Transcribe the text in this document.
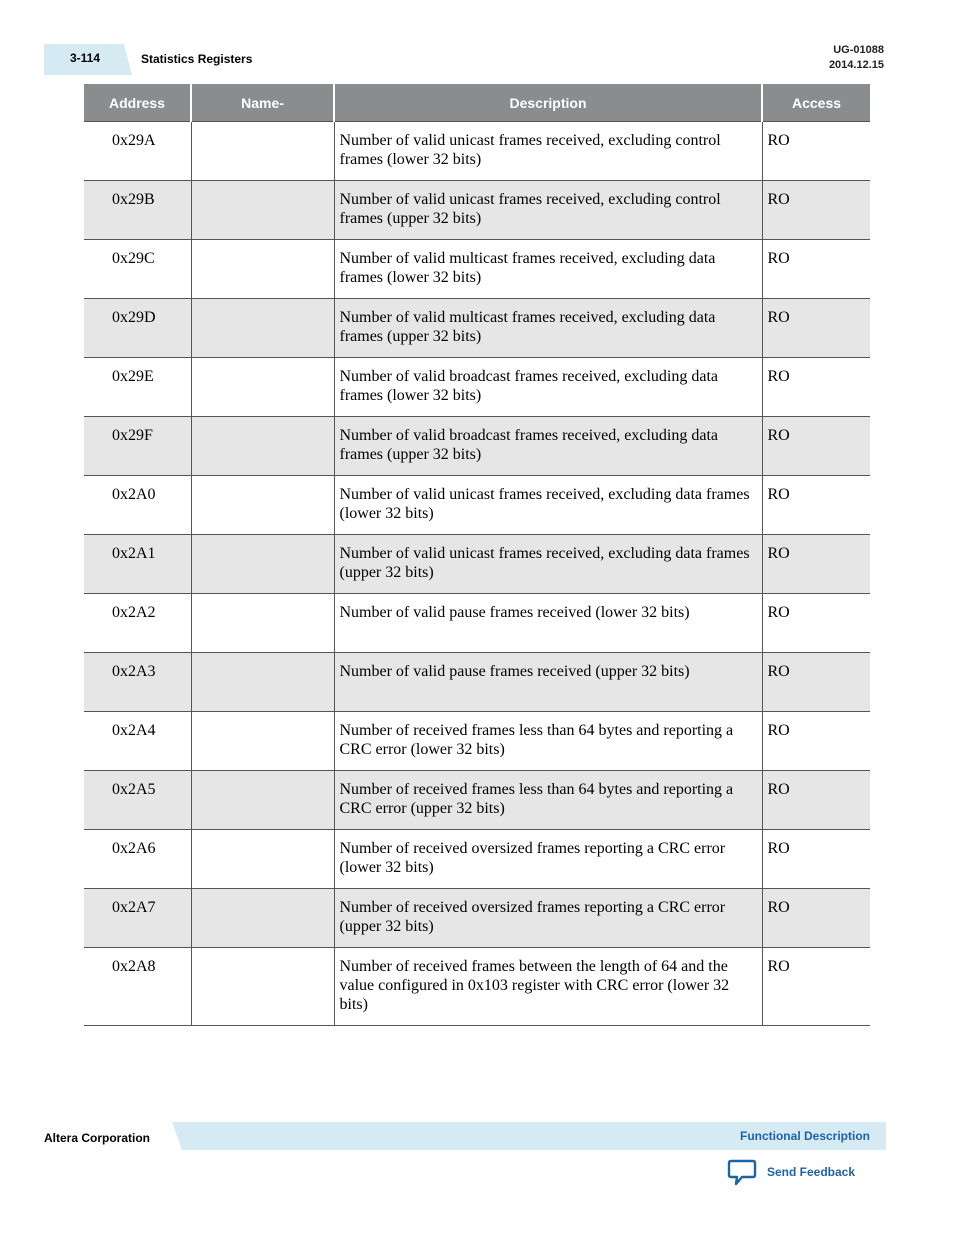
3-114	Statistics Registers
UG-01088
2014.12.15
Address	Name-	Description	Access
0x29A		Number of valid unicast frames received, excluding control frames (lower 32 bits)	RO
0x29B		Number of valid unicast frames received, excluding control frames (upper 32 bits)	RO
0x29C		Number of valid multicast frames received, excluding data frames (lower 32 bits)	RO
0x29D		Number of valid multicast frames received, excluding data frames (upper 32 bits)	RO
0x29E		Number of valid broadcast frames received, excluding data frames (lower 32 bits)	RO
0x29F		Number of valid broadcast frames received, excluding data frames (upper 32 bits)	RO
0x2A0		Number of valid unicast frames received, excluding data frames (lower 32 bits)	RO
0x2A1		Number of valid unicast frames received, excluding data frames (upper 32 bits)	RO
0x2A2		Number of valid pause frames received (lower 32 bits)	RO
0x2A3		Number of valid pause frames received (upper 32 bits)	RO
0x2A4		Number of received frames less than 64 bytes and reporting a CRC error (lower 32 bits)	RO
0x2A5		Number of received frames less than 64 bytes and reporting a CRC error (upper 32 bits)	RO
0x2A6		Number of received oversized frames reporting a CRC error (lower 32 bits)	RO
0x2A7		Number of received oversized frames reporting a CRC error (upper 32 bits)	RO
0x2A8		Number of received frames between the length of 64 and the value configured in 0x103 register with CRC error (lower 32 bits)	RO
Altera Corporation	Functional Description
Send Feedback
